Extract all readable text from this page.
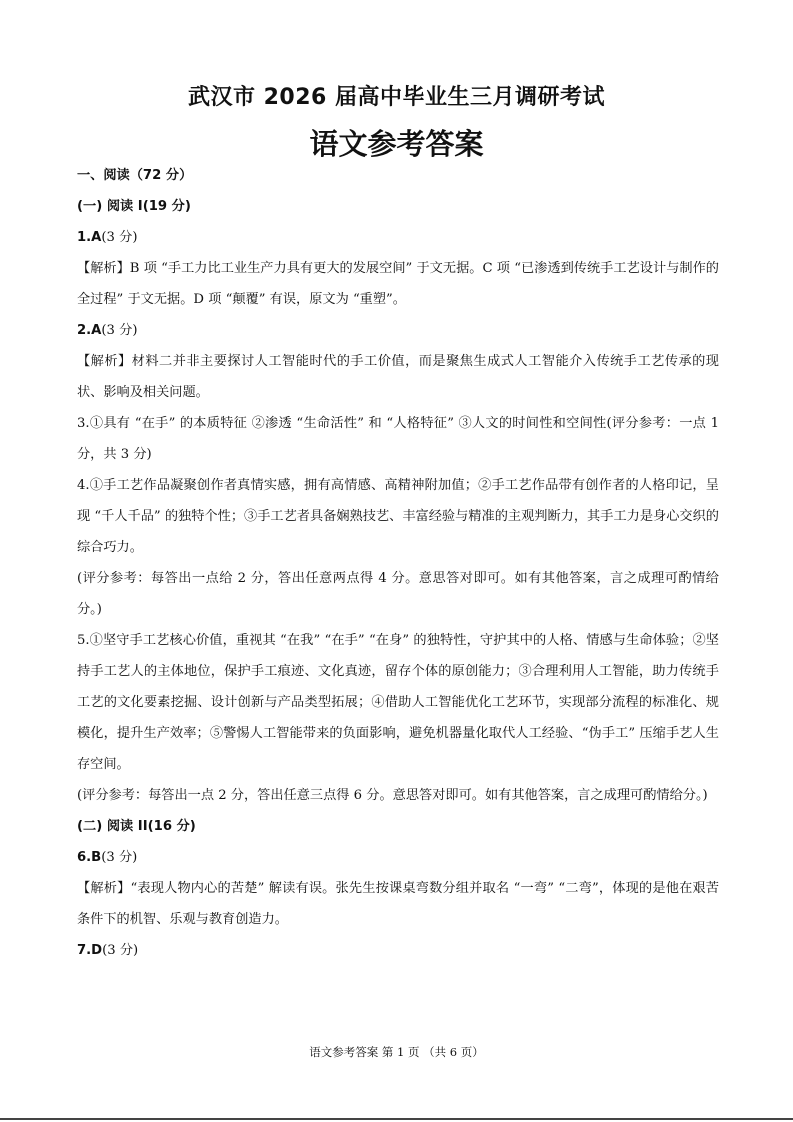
武汉市 2026 届高中毕业生三月调研考试
语文参考答案

一、阅读（72 分）

(一) 阅读 I(19 分)

1.A(3 分)

【解析】B 项 “手工力比工业生产力具有更大的发展空间” 于文无据。C 项 “已渗透到传统手工艺设计与制作的全过程” 于文无据。D 项 “颠覆” 有误，原文为 “重塑”。

2.A(3 分)

【解析】材料二并非主要探讨人工智能时代的手工价值，而是聚焦生成式人工智能介入传统手工艺传承的现状、影响及相关问题。

3.①具有 “在手” 的本质特征 ②渗透 “生命活性” 和 “人格特征” ③人文的时间性和空间性(评分参考：一点 1 分，共 3 分)

4.①手工艺作品凝聚创作者真情实感，拥有高情感、高精神附加值；②手工艺作品带有创作者的人格印记，呈现 “千人千品” 的独特个性；③手工艺者具备娴熟技艺、丰富经验与精准的主观判断力，其手工力是身心交织的综合巧力。

(评分参考：每答出一点给 2 分，答出任意两点得 4 分。意思答对即可。如有其他答案，言之成理可酌情给分。)

5.①坚守手工艺核心价值，重视其 “在我” “在手” “在身” 的独特性，守护其中的人格、情感与生命体验；②坚持手工艺人的主体地位，保护手工痕迹、文化真迹，留存个体的原创能力；③合理利用人工智能，助力传统手工艺的文化要素挖掘、设计创新与产品类型拓展；④借助人工智能优化工艺环节，实现部分流程的标准化、规模化，提升生产效率；⑤警惕人工智能带来的负面影响，避免机器量化取代人工经验、“伪手工” 压缩手艺人生存空间。

(评分参考：每答出一点 2 分，答出任意三点得 6 分。意思答对即可。如有其他答案，言之成理可酌情给分。)

(二) 阅读 II(16 分)

6.B(3 分)

【解析】“表现人物内心的苦楚” 解读有误。张先生按课桌弯数分组并取名 “一弯” “二弯”，体现的是他在艰苦条件下的机智、乐观与教育创造力。

7.D(3 分)

语文参考答案 第 1 页 （共 6 页）
